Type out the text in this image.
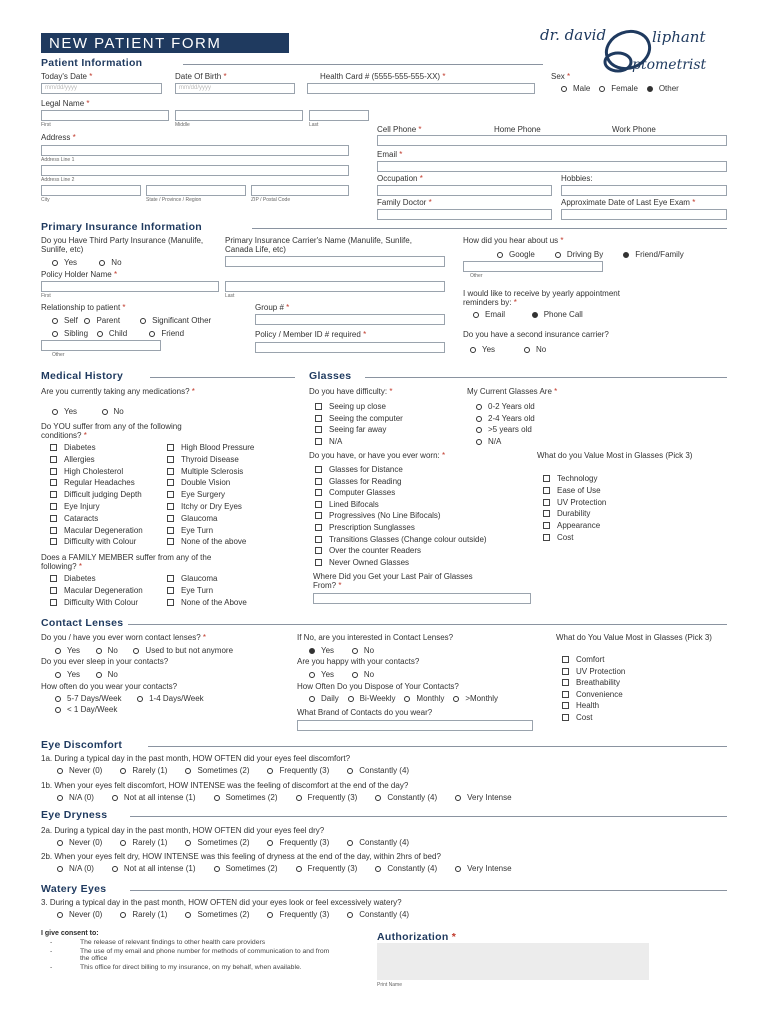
NEW PATIENT FORM	dr. david	liphant
ptometrist
Patient Information
Today's Date *
mm/dd/yyyy
Date Of Birth *
mm/dd/yyyy
Health Card # (5555-555-555-XX) *	Sex *
Male	Female	Other
Legal Name *
First	Middle	Last
Address *
Address Line 1
Address Line 2
City	State / Province / Region	ZIP / Postal Code
Cell Phone *	Home Phone	Work Phone
Email *
Occupation *	Hobbies:
Family Doctor *	Approximate Date of Last Eye Exam *
Primary Insurance Information
Do you Have Third Party Insurance (Manulife, Sunlife, etc)
Yes	No
Primary Insurance Carrier's Name (Manulife, Sunlife, Canada Life, etc)
Policy Holder Name *
First	Last
Relationship to patient *
Self Parent	Significant Other
Sibling	Child	Friend
Other
Group # *
Policy / Member ID # required *
How did you hear about us *
Google	Driving By	Friend/Family
Other
I would like to receive by yearly appointment reminders by: *
Email	Phone Call
Do you have a second insurance carrier?
Yes	No
Medical History
Are you currently taking any medications? *
Yes	No
Do YOU suffer from any of the following conditions? *
Diabetes
Allergies
High Cholesterol
Regular Headaches
Difficult judging Depth
Eye Injury
Cataracts
Macular Degeneration
Difficulty with Colour
High Blood Pressure
Thyroid Disease
Multiple Sclerosis
Double Vision
Eye Surgery
Itchy or Dry Eyes
Glaucoma
Eye Turn
None of the above
Does a FAMILY MEMBER suffer from any of the following? *
Diabetes
Macular Degeneration
Difficulty With Colour
Glaucoma
Eye Turn
None of the Above
Glasses
Do you have difficulty: *
Seeing up close
Seeing the computer
Seeing far away
N/A
My Current Glasses Are *
0-2 Years old
2-4 Years old
>5 years old
N/A
Do you have, or have you ever worn: *
Glasses for Distance
Glasses for Reading
Computer Glasses
Lined Bifocals
Progressives (No Line Bifocals)
Prescription Sunglasses
Transitions Glasses (Change colour outside)
Over the counter Readers
Never Owned Glasses
What do you Value Most in Glasses (Pick 3)
Technology
Ease of Use
UV Protection
Durability
Appearance
Cost
Where Did you Get your Last Pair of Glasses From? *
Contact Lenses
Do you / have you ever worn contact lenses? *
Yes	No	Used to but not anymore
Do you ever sleep in your contacts?
Yes	No
How often do you wear your contacts?
5-7 Days/Week	1-4 Days/Week
< 1 Day/Week
If No, are you interested in Contact Lenses?
Yes	No
Are you happy with your contacts?
Yes	No
How Often Do you Dispose of Your Contacts?
Daily	Bi-Weekly	Monthly	>Monthly
What Brand of Contacts do you wear?
What do You Value Most in Glasses (Pick 3)
Comfort
UV Protection
Breathability
Convenience
Health
Cost
Eye Discomfort
1a. During a typical day in the past month, HOW OFTEN did your eyes feel discomfort?
Never (0)	Rarely (1)	Sometimes (2)	Frequently (3)	Constantly (4)
1b. When your eyes felt discomfort, HOW INTENSE was the feeling of discomfort at the end of the day?
N/A (0)	Not at all intense (1)	Sometimes (2)	Frequently (3)	Constantly (4)	Very Intense
Eye Dryness
2a. During a typical day in the past month, HOW OFTEN did your eyes feel dry?
Never (0)	Rarely (1)	Sometimes (2)	Frequently (3)	Constantly (4)
2b. When your eyes felt dry, HOW INTENSE was this feeling of dryness at the end of the day, within 2hrs of bed?
N/A (0)	Not at all intense (1)	Sometimes (2)	Frequently (3)	Constantly (4)	Very Intense
Watery Eyes
3. During a typical day in the past month, HOW OFTEN did your eyes look or feel excessively watery?
Never (0)	Rarely (1)	Sometimes (2)	Frequently (3)	Constantly (4)
I give consent to:
-	The release of relevant findings to other health care providers
-	The use of my email and phone number for methods of communication to and from the office
-	This office for direct billing to my insurance, on my behalf, when available.
Authorization *
Print Name
